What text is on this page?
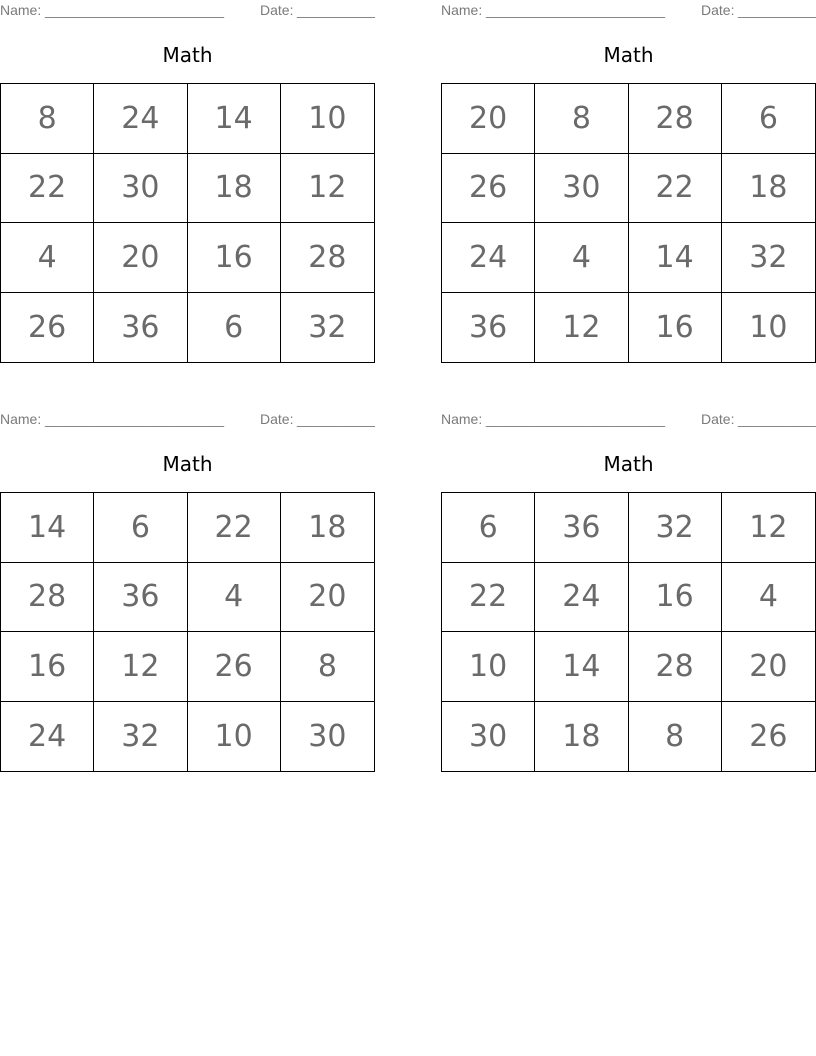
Name: _______________________	Date: __________
Math
8	24	14	10
22	30	18	12
4	20	16	28
26	36	6	32
Name: _______________________	Date: __________
Math
20	8	28	6
26	30	22	18
24	4	14	32
36	12	16	10
Name: _______________________	Date: __________
Math
14	6	22	18
28	36	4	20
16	12	26	8
24	32	10	30
Name: _______________________	Date: __________
Math
6	36	32	12
22	24	16	4
10	14	28	20
30	18	8	26
